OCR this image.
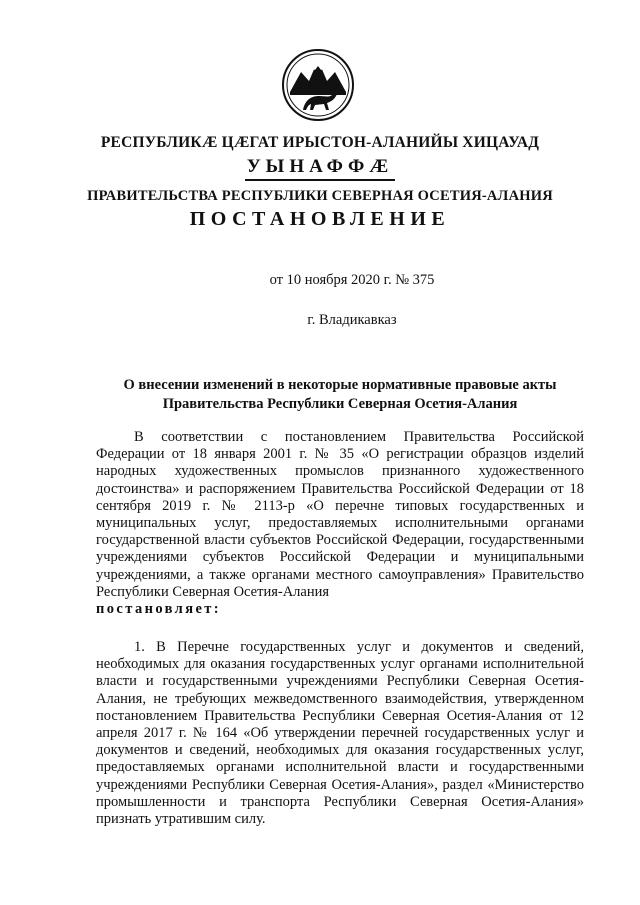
РЕСПУБЛИКӔ ЦӔГАТ ИРЫСТОН-АЛАНИЙЫ ХИЦАУАД
УЫНАФФӔ
ПРАВИТЕЛЬСТВА РЕСПУБЛИКИ СЕВЕРНАЯ ОСЕТИЯ-АЛАНИЯ
ПОСТАНОВЛЕНИЕ
от 10 ноября 2020 г. № 375
г. Владикавказ
О внесении изменений в некоторые нормативные правовые акты
Правительства Республики Северная Осетия-Алания
В соответствии с постановлением Правительства Российской Федерации от 18 января 2001 г. № 35 «О регистрации образцов изделий народных художественных промыслов признанного художественного достоинства» и распоряжением Правительства Российской Федерации от 18 сентября 2019 г. № 2113-р «О перечне типовых государственных и муниципальных услуг, предоставляемых исполнительными органами государственной власти субъектов Российской Федерации, государственными учреждениями субъектов Российской Федерации и муниципальными учреждениями, а также органами местного самоуправления» Правительство Республики Северная Осетия-Алания
постановляет:
1. В Перечне государственных услуг и документов и сведений, необходимых для оказания государственных услуг органами исполнительной власти и государственными учреждениями Республики Северная Осетия-Алания, не требующих межведомственного взаимодействия, утвержденном постановлением Правительства Республики Северная Осетия-Алания от 12 апреля 2017 г. № 164 «Об утверждении перечней государственных услуг и документов и сведений, необходимых для оказания государственных услуг, предоставляемых органами исполнительной власти и государственными учреждениями Республики Северная Осетия-Алания», раздел «Министерство промышленности и транспорта Республики Северная Осетия-Алания» признать утратившим силу.
